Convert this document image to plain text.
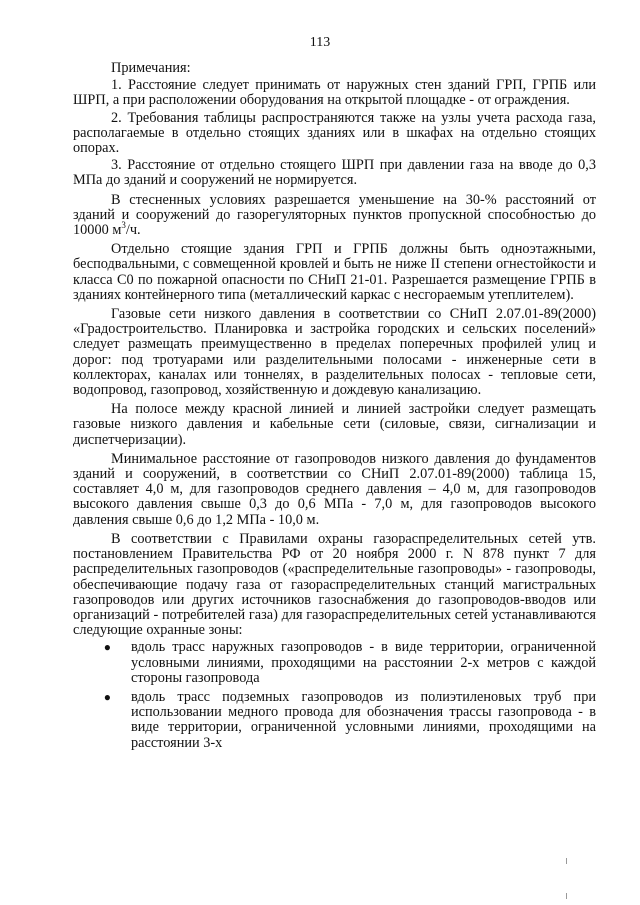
113

Примечания:

1. Расстояние следует принимать от наружных стен зданий ГРП, ГРПБ или ШРП, а при расположении оборудования на открытой площадке - от ограждения.

2. Требования таблицы распространяются также на узлы учета расхода газа, располагаемые в отдельно стоящих зданиях или в шкафах на отдельно стоящих опорах.

3. Расстояние от отдельно стоящего ШРП при давлении газа на вводе до 0,3 МПа до зданий и сооружений не нормируется.

В стесненных условиях разрешается уменьшение на 30-% расстояний от зданий и сооружений до газорегуляторных пунктов пропускной способностью до 10000 $м^3/ч$.

Отдельно стоящие здания ГРП и ГРПБ должны быть одноэтажными, бесподвальными, с совмещенной кровлей и быть не ниже II степени огнестойкости и класса С0 по пожарной опасности по СНиП 21-01. Разрешается размещение ГРПБ в зданиях контейнерного типа (металлический каркас с несгораемым утеплителем).

Газовые сети низкого давления в соответствии со СНиП 2.07.01-89(2000) «Градостроительство. Планировка и застройка городских и сельских поселений» следует размещать преимущественно в пределах поперечных профилей улиц и дорог: под тротуарами или разделительными полосами - инженерные сети в коллекторах, каналах или тоннелях, в разделительных полосах - тепловые сети, водопровод, газопровод, хозяйственную и дождевую канализацию.

На полосе между красной линией и линией застройки следует размещать газовые низкого давления и кабельные сети (силовые, связи, сигнализации и диспетчеризации).

Минимальное расстояние от газопроводов низкого давления до фундаментов зданий и сооружений, в соответствии со СНиП 2.07.01-89(2000) таблица 15, составляет 4,0 м, для газопроводов среднего давления – 4,0 м, для газопроводов высокого давления свыше 0,3 до 0,6 МПа - 7,0 м, для газопроводов высокого давления свыше 0,6 до 1,2 МПа - 10,0 м.

В соответствии с Правилами охраны газораспределительных сетей утв. постановлением Правительства РФ от 20 ноября 2000 г. N 878 пункт 7 для распределительных газопроводов («распределительные газопроводы» - газопроводы, обеспечивающие подачу газа от газораспределительных станций магистральных газопроводов или других источников газоснабжения до газопроводов-вводов или организаций - потребителей газа) для газораспределительных сетей устанавливаются следующие охранные зоны:

●	вдоль трасс наружных газопроводов - в виде территории, ограниченной условными линиями, проходящими на расстоянии 2-х метров с каждой стороны газопровода
●	вдоль трасс подземных газопроводов из полиэтиленовых труб при использовании медного провода для обозначения трассы газопровода - в виде территории, ограниченной условными линиями, проходящими на расстоянии 3-х
